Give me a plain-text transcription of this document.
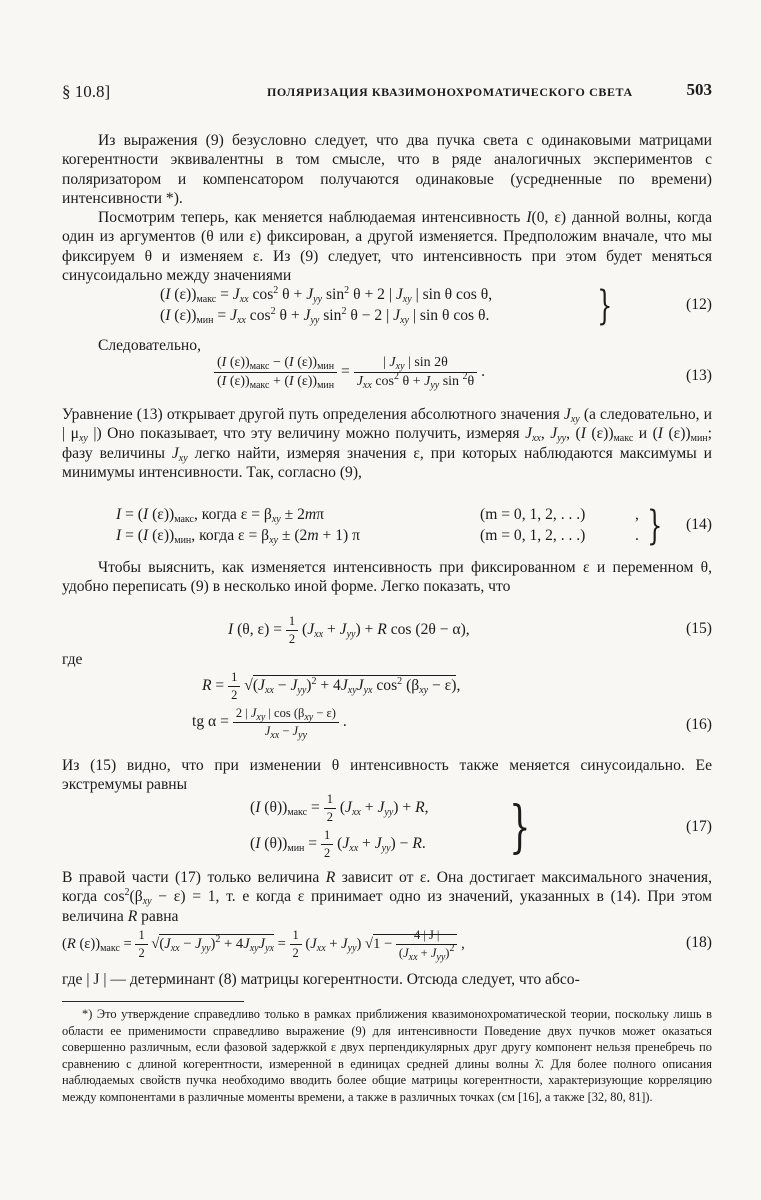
§ 10.8]	ПОЛЯРИЗАЦИЯ КВАЗИМОНОХРОМАТИЧЕСКОГО СВЕТА	503
Из выражения (9) безусловно следует, что два пучка света с одинаковыми матрицами когерентности эквивалентны в том смысле, что в ряде аналогичных экспериментов с поляризатором и компенсатором получаются одинаковые (усредненные по времени) интенсивности *).
Посмотрим теперь, как меняется наблюдаемая интенсивность I(0, ε) данной волны, когда один из аргументов (θ или ε) фиксирован, а другой изменяется. Предположим вначале, что мы фиксируем θ и изменяем ε. Из (9) следует, что интенсивность при этом будет меняться синусоидально между значениями
(I $(\varepsilon))_{макс} = J_{xx}$ $\cos^2 \theta + J_{yy}$ $\sin^2 \theta + 2$ | $J_{xy}$ | sin θ cos θ,
(I $(\varepsilon))_{мин} = J_{xx}$ $\cos^2 \theta + J_{yy}$ $\sin^2 \theta - 2$ | $J_{xy}$ | sin θ cos θ.	}	(12)
Следовательно,
$\frac{(I (\varepsilon))_{макс} - (I (\varepsilon))_{мин}}{(I (\varepsilon))_{макс} + (I (\varepsilon))_{мин}} = \frac{| J_{xy} | \sin 2\theta}{J_{xx} \cos^2 \theta + J_{yy} \sin ^2\theta}$ .	(13)
Уравнение (13) открывает другой путь определения абсолютного значения $J_{xy}$ (а следовательно, и | $\mu_{xy}$ |) Оно показывает, что эту величину можно получить, измеряя $J_{xx}$, $J_{yy}$, (I $(\varepsilon))_{макс}$ и (I $(\varepsilon))_{мин}$; фазу величины $J_{xy}$ легко найти, измеряя значения ε, при которых наблюдаются максимумы и минимумы интенсивности. Так, согласно (9),
I = (I $(\varepsilon))_{макс}$, когда $\varepsilon = \beta_{xy} \pm 2m\pi$	(m = 0, 1, 2, . . .)	,
I = (I $(\varepsilon))_{мин}$, когда $\varepsilon = \beta_{xy} \pm (2m + 1)$ π	(m = 0, 1, 2, . . .)	. } (14)
Чтобы выяснить, как изменяется интенсивность при фиксированном ε и переменном θ, удобно переписать (9) в несколько иной форме. Легко показать, что
I (θ, $\varepsilon) = \frac{1}{2} (J_{xx} + J_{yy}) + R$ cos (2θ − α),	(15)
где
$R = \frac{1}{2} √(J_{xx} - J_{yy})^2 + 4J_{xy}J_{yx}$ $\cos^2 (\beta_{xy} - \varepsilon)$,
tg $\alpha = \frac{2 | J_{xy} | \cos (\beta_{xy} - \varepsilon)}{J_{xx} - J_{yy}}$ .	(16)
Из (15) видно, что при изменении θ интенсивность также меняется синусоидально. Ее экстремумы равны
(I $(\theta))_{макс} = \frac{1}{2} (J_{xx} + J_{yy}) + R$,
(I $(\theta))_{мин} = \frac{1}{2} (J_{xx} + J_{yy}) - R$. }	(17)
В правой части (17) только величина R зависит от ε. Она достигает максимального значения, когда $\cos^2(\beta_{xy} - \varepsilon) = 1$, т. е когда ε принимает одно из значений, указанных в (14). При этом величина R равна
(R $(\varepsilon))_{макс} = \frac{1}{2} √(J_{xx} - J_{yy})^2 + 4J_{xy}J_{yx} = \frac{1}{2} (J_{xx} + J_{yy})$ $√1 - \frac{4 | J |}{(J_{xx} + J_{yy})^2}$ ,	(18)
где | J | — детерминант (8) матрицы когерентности. Отсюда следует, что абсо-
*) Это утверждение справедливо только в рамках приближения квазимонохроматической теории, поскольку лишь в области ее применимости справедливо выражение (9) для интенсивности Поведение двух пучков может оказаться совершенно различным, если фазовой задержкой ε двух перпендикулярных друг другу компонент нельзя пренебречь по сравнению с длиной когерентности, измеренной в единицах средней длины волны λ̄. Для более полного описания наблюдаемых свойств пучка необходимо вводить более общие матрицы когерентности, характеризующие корреляцию между компонентами в различные моменты времени, а также в различных точках (см [16], а также [32, 80, 81]).
